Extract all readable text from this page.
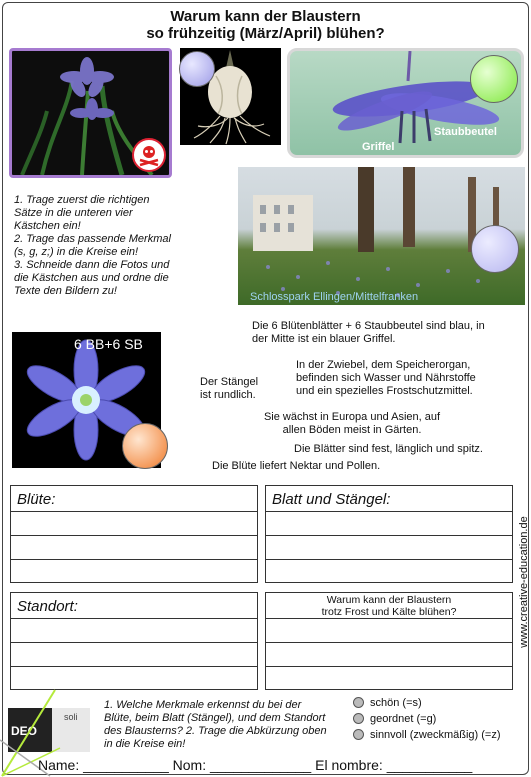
Warum kann der Blaustern
so frühzeitig (März/April) blühen?
Griffel
Staubbeutel
1. Trage zuerst die richtigen Sätze in die unteren vier Kästchen ein!
2. Trage das passende Merkmal (s, g, z;) in die Kreise ein!
3. Schneide dann die Fotos und die Kästchen aus und ordne die Texte den Bildern zu!	Schlosspark Ellingen/Mittelfranken
6 BB+6 SB
Die 6 Blütenblätter + 6 Staubbeutel sind blau, in der Mitte ist ein blauer Griffel.
Der Stängel ist rundlich.
In der Zwiebel, dem Speicherorgan, befinden sich Wasser und Nährstoffe und ein spezielles Frostschutzmittel.
Sie wächst in Europa und Asien, auf allen Böden meist in Gärten.
Die Blätter sind fest, länglich und spitz.
Die Blüte liefert Nektar und Pollen.
Blüte:	Blatt und Stängel:
Standort:	Warum kann der Blaustern
trotz Frost und Kälte blühen?	www.creative-education.de
DEO
soli
1. Welche Merkmale erkennst du bei der Blüte, beim Blatt (Stängel), und dem Standort des Blausterns? 2. Trage die Abkürzung oben in die Kreise ein!
schön (=s)
geordnet (=g)
sinnvoll (zweckmäßig) (=z)
Name: ___________ Nom: _____________ El nombre: ___________
